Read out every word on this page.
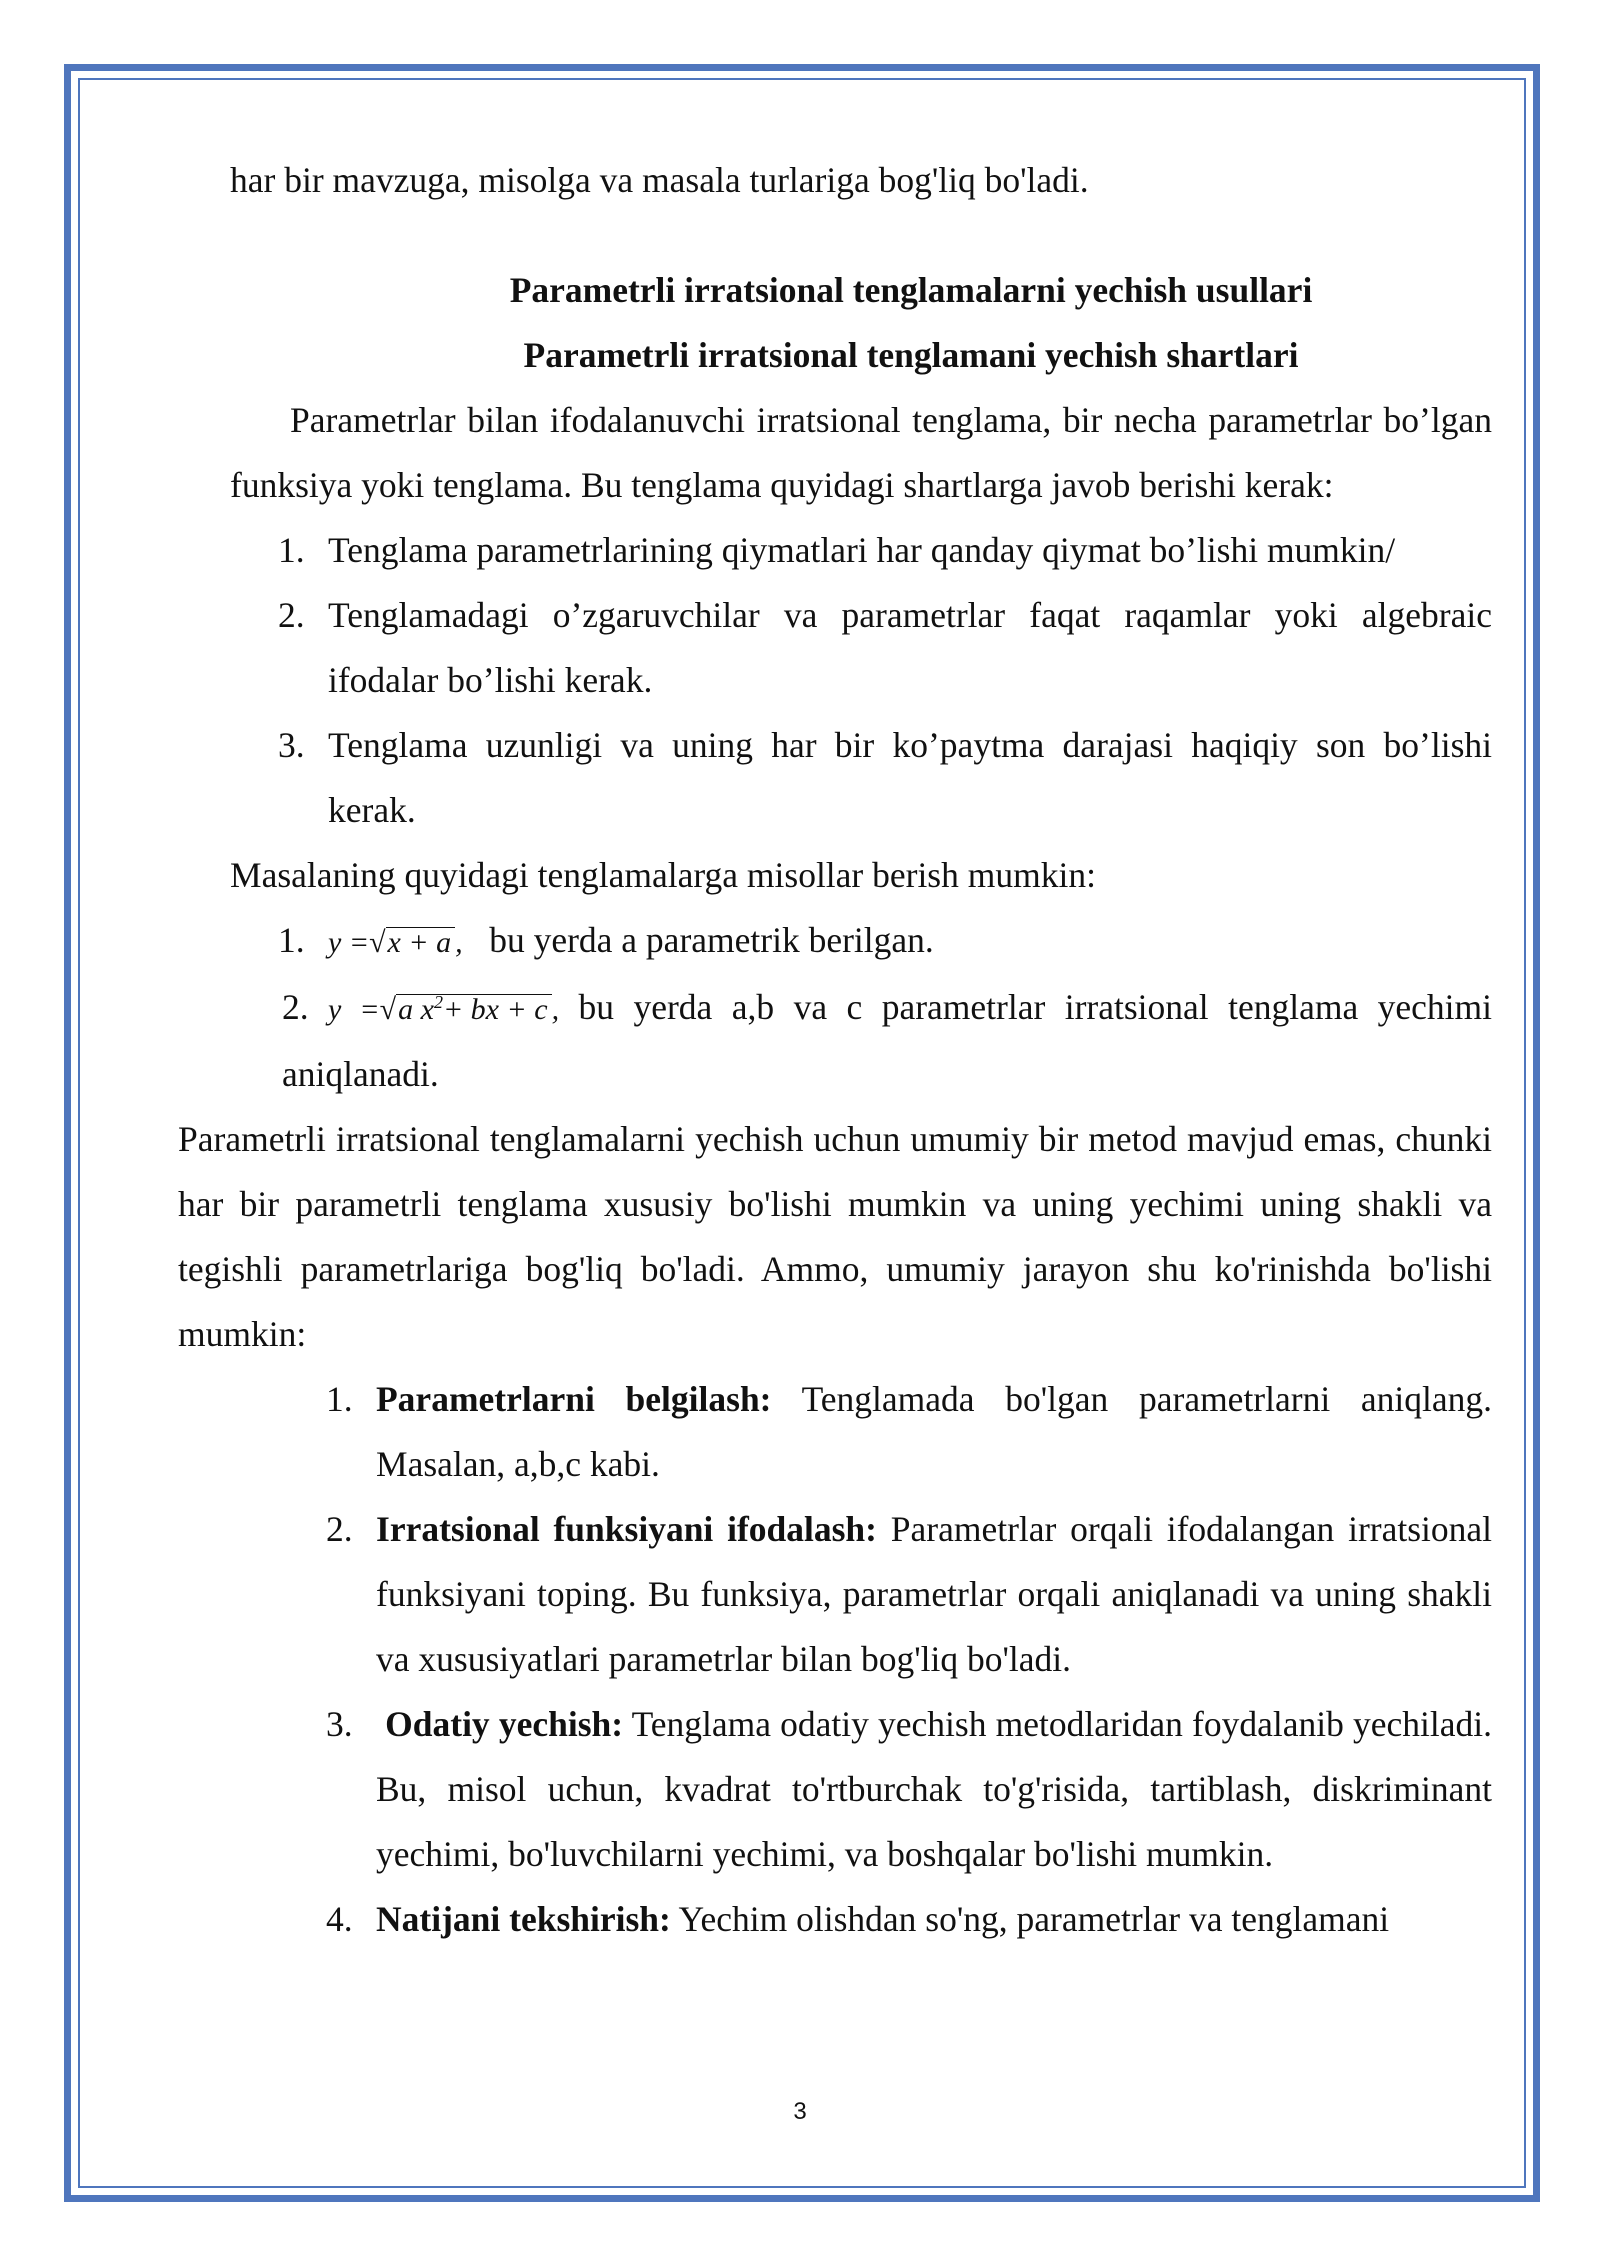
har bir mavzuga, misolga va masala turlariga bog'liq bo'ladi.

Parametrli irratsional tenglamalarni yechish usullari

Parametrli irratsional tenglamani yechish shartlari

Parametrlar bilan ifodalanuvchi irratsional tenglama, bir necha parametrlar bo’lgan funksiya yoki tenglama. Bu tenglama quyidagi shartlarga javob berishi kerak:

1. Tenglama parametrlarining qiymatlari har qanday qiymat bo’lishi mumkin/
2. Tenglamadagi o’zgaruvchilar va parametrlar faqat raqamlar yoki algebraic ifodalar bo’lishi kerak.
3. Tenglama uzunligi va uning har bir ko’paytma darajasi haqiqiy son bo’lishi kerak.

Masalaning quyidagi tenglamalarga misollar berish mumkin:

1. y =√x + a , bu yerda a parametrik berilgan.
2. y =√a $x^2+$ bx + c , bu yerda a,b va c parametrlar irratsional tenglama yechimi aniqlanadi.

Parametrli irratsional tenglamalarni yechish uchun umumiy bir metod mavjud emas, chunki har bir parametrli tenglama xususiy bo'lishi mumkin va uning yechimi uning shakli va tegishli parametrlariga bog'liq bo'ladi. Ammo, umumiy jarayon shu ko'rinishda bo'lishi mumkin:

1. Parametrlarni belgilash: Tenglamada bo'lgan parametrlarni aniqlang. Masalan, a,b,c kabi.
2. Irratsional funksiyani ifodalash: Parametrlar orqali ifodalangan irratsional funksiyani toping. Bu funksiya, parametrlar orqali aniqlanadi va uning shakli va xususiyatlari parametrlar bilan bog'liq bo'ladi.
3. Odatiy yechish: Tenglama odatiy yechish metodlaridan foydalanib yechiladi. Bu, misol uchun, kvadrat to'rtburchak to'g'risida, tartiblash, diskriminant yechimi, bo'luvchilarni yechimi, va boshqalar bo'lishi mumkin.
4. Natijani tekshirish: Yechim olishdan so'ng, parametrlar va tenglamani
3
